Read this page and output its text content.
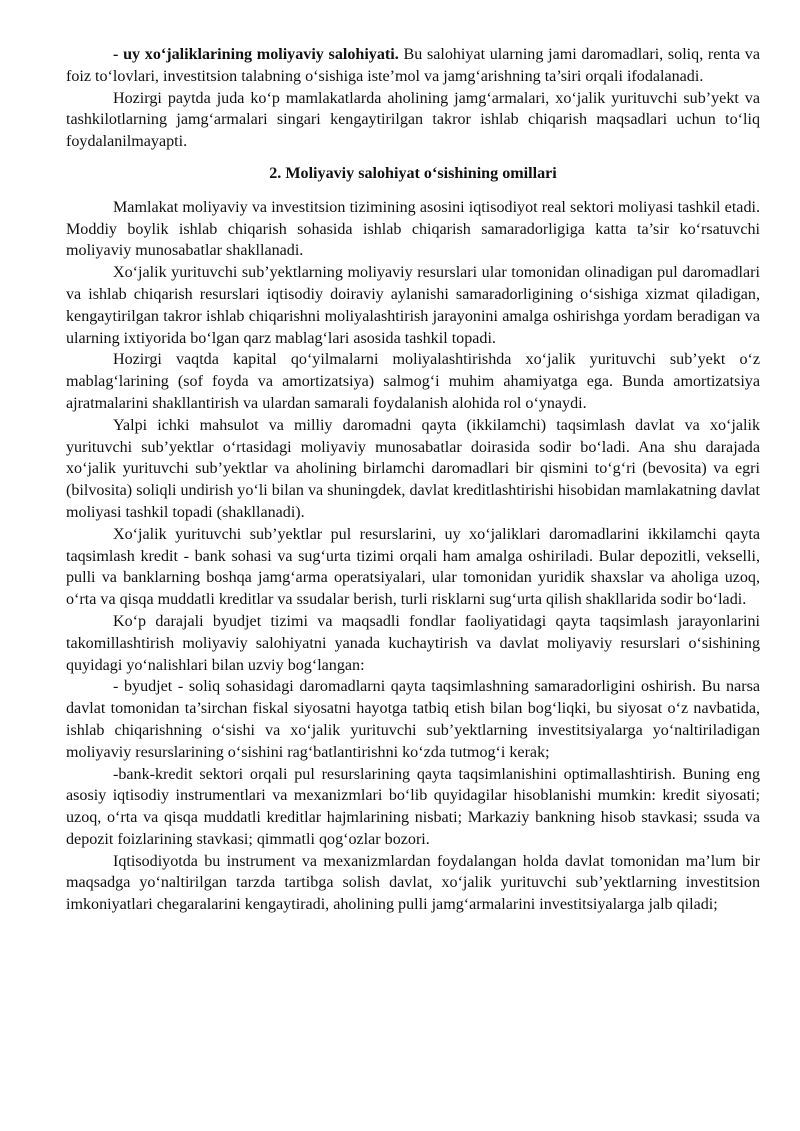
- uy xo‘jaliklarining moliyaviy salohiyati. Bu salohiyat ularning jami daromadlari, soliq, renta va foiz to‘lovlari, investitsion talabning o‘sishiga iste’mol va jamg‘arishning ta’siri orqali ifodalanadi.

Hozirgi paytda juda ko‘p mamlakatlarda aholining jamg‘armalari, xo‘jalik yurituvchi sub’yekt va tashkilotlarning jamg‘armalari singari kengaytirilgan takror ishlab chiqarish maqsadlari uchun to‘liq foydalanilmayapti.

2. Moliyaviy salohiyat o‘sishining omillari

Mamlakat moliyaviy va investitsion tizimining asosini iqtisodiyot real sektori moliyasi tashkil etadi. Moddiy boylik ishlab chiqarish sohasida ishlab chiqarish samaradorligiga katta ta’sir ko‘rsatuvchi moliyaviy munosabatlar shakllanadi.

Xo‘jalik yurituvchi sub’yektlarning moliyaviy resurslari ular tomonidan olinadigan pul daromadlari va ishlab chiqarish resurslari iqtisodiy doiraviy aylanishi samaradorligining o‘sishiga xizmat qiladigan, kengaytirilgan takror ishlab chiqarishni moliyalashtirish jarayonini amalga oshirishga yordam beradigan va ularning ixtiyorida bo‘lgan qarz mablag‘lari asosida tashkil topadi.

Hozirgi vaqtda kapital qo‘yilmalarni moliyalashtirishda xo‘jalik yurituvchi sub’yekt o‘z mablag‘larining (sof foyda va amortizatsiya) salmog‘i muhim ahamiyatga ega. Bunda amortizatsiya ajratmalarini shakllantirish va ulardan samarali foydalanish alohida rol o‘ynaydi.

Yalpi ichki mahsulot va milliy daromadni qayta (ikkilamchi) taqsimlash davlat va xo‘jalik yurituvchi sub’yektlar o‘rtasidagi moliyaviy munosabatlar doirasida sodir bo‘ladi. Ana shu darajada xo‘jalik yurituvchi sub’yektlar va aholining birlamchi daromadlari bir qismini to‘g‘ri (bevosita) va egri (bilvosita) soliqli undirish yo‘li bilan va shuningdek, davlat kreditlashtirishi hisobidan mamlakatning davlat moliyasi tashkil topadi (shakllanadi).

Xo‘jalik yurituvchi sub’yektlar pul resurslarini, uy xo‘jaliklari daromadlarini ikkilamchi qayta taqsimlash kredit - bank sohasi va sug‘urta tizimi orqali ham amalga oshiriladi. Bular depozitli, vekselli, pulli va banklarning boshqa jamg‘arma operatsiyalari, ular tomonidan yuridik shaxslar va aholiga uzoq, o‘rta va qisqa muddatli kreditlar va ssudalar berish, turli risklarni sug‘urta qilish shakllarida sodir bo‘ladi.

Ko‘p darajali byudjet tizimi va maqsadli fondlar faoliyatidagi qayta taqsimlash jarayonlarini takomillashtirish moliyaviy salohiyatni yanada kuchaytirish va davlat moliyaviy resurslari o‘sishining quyidagi yo‘nalishlari bilan uzviy bog‘langan:

- byudjet - soliq sohasidagi daromadlarni qayta taqsimlashning samaradorligini oshirish. Bu narsa davlat tomonidan ta’sirchan fiskal siyosatni hayotga tatbiq etish bilan bog‘liqki, bu siyosat o‘z navbatida, ishlab chiqarishning o‘sishi va xo‘jalik yurituvchi sub’yektlarning investitsiyalarga yo‘naltiriladigan moliyaviy resurslarining o‘sishini rag‘batlantirishni ko‘zda tutmog‘i kerak;

-bank-kredit sektori orqali pul resurslarining qayta taqsimlanishini optimallashtirish. Buning eng asosiy iqtisodiy instrumentlari va mexanizmlari bo‘lib quyidagilar hisoblanishi mumkin: kredit siyosati; uzoq, o‘rta va qisqa muddatli kreditlar hajmlarining nisbati; Markaziy bankning hisob stavkasi; ssuda va depozit foizlarining stavkasi; qimmatli qog‘ozlar bozori.

Iqtisodiyotda bu instrument va mexanizmlardan foydalangan holda davlat tomonidan ma’lum bir maqsadga yo‘naltirilgan tarzda tartibga solish davlat, xo‘jalik yurituvchi sub’yektlarning investitsion imkoniyatlari chegaralarini kengaytiradi, aholining pulli jamg‘armalarini investitsiyalarga jalb qiladi;
